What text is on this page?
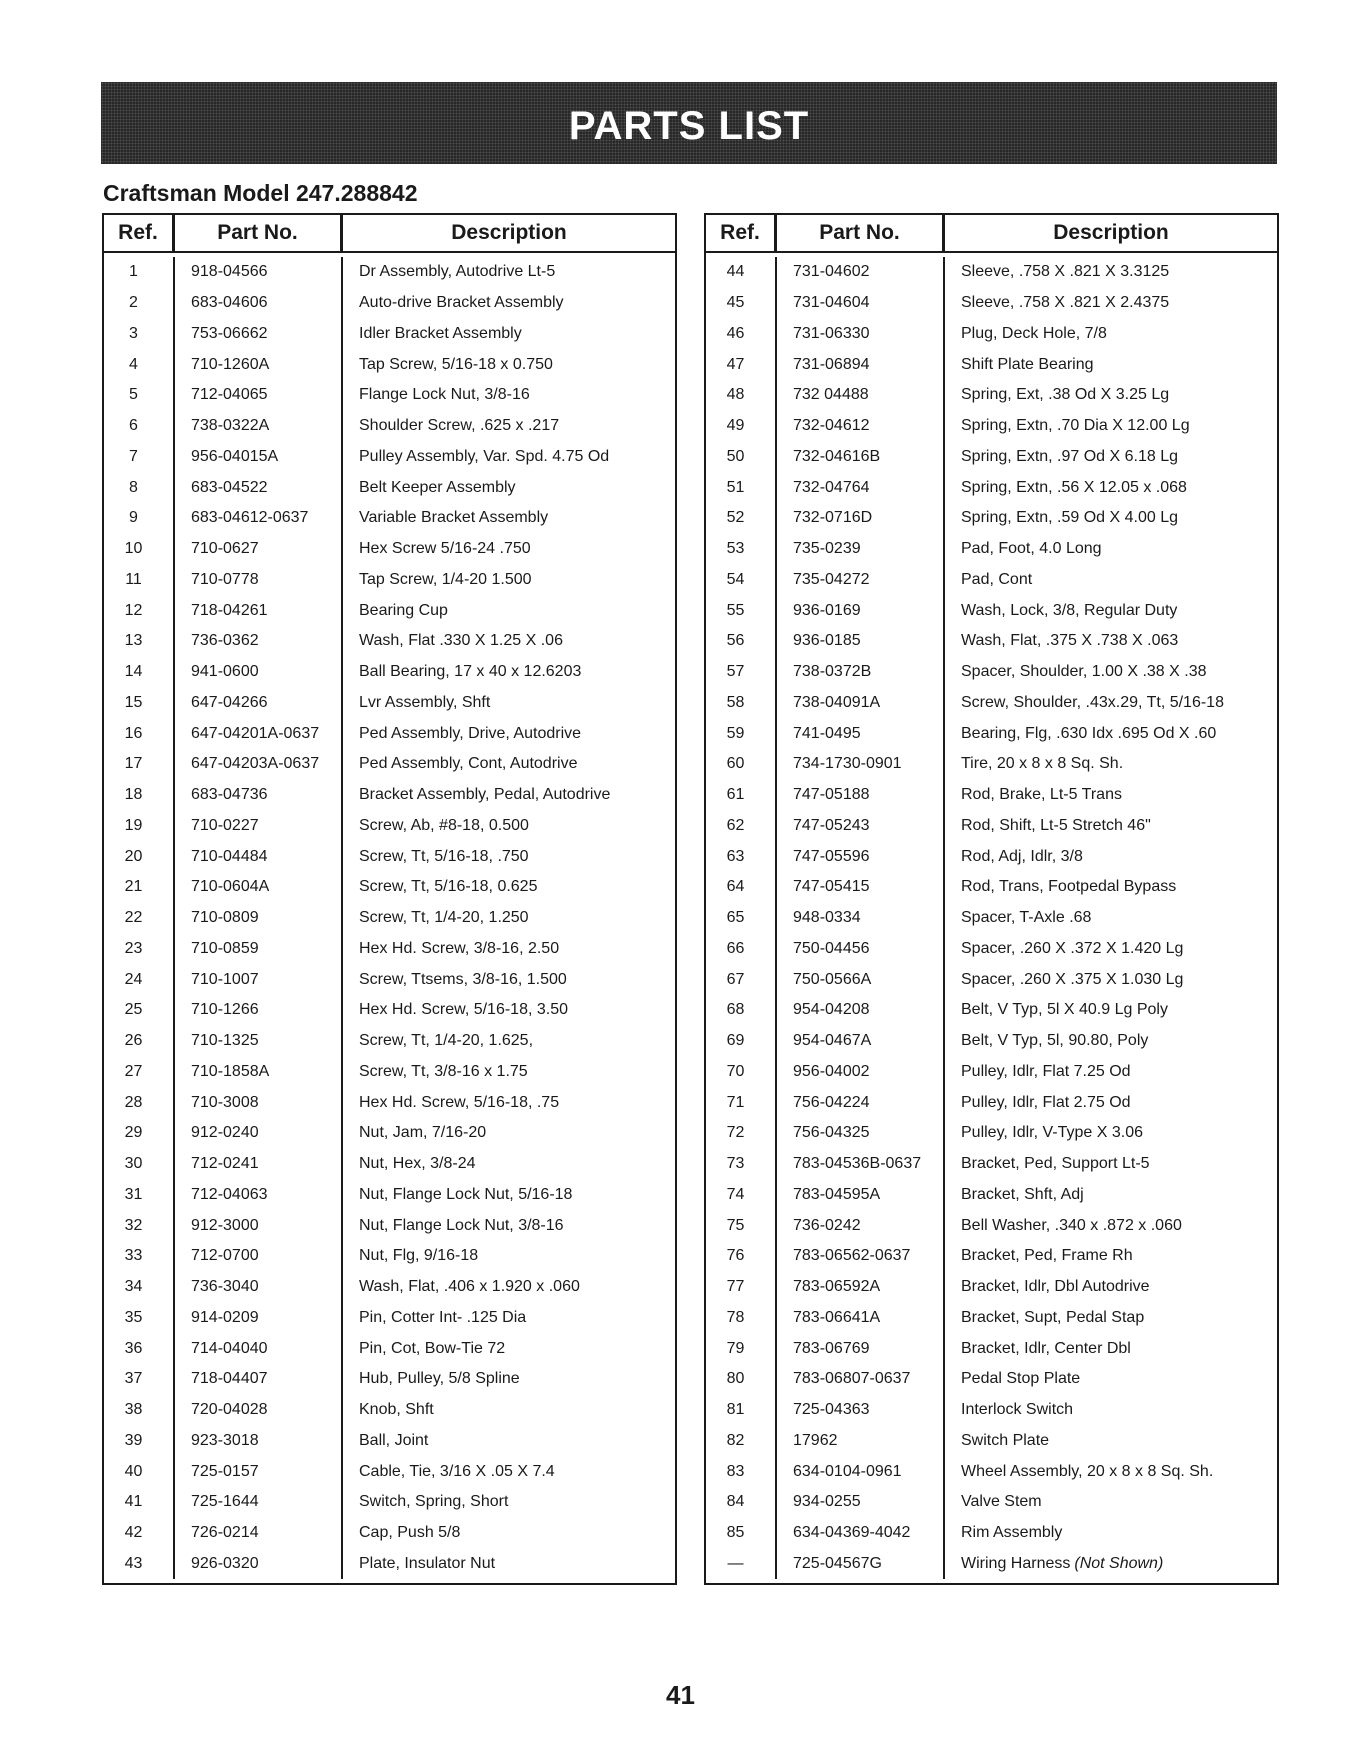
PARTS LIST
Craftsman Model 247.288842
Ref.	Part No.	Description
1	918-04566	Dr Assembly, Autodrive Lt-5
2	683-04606	Auto-drive Bracket Assembly
3	753-06662	Idler Bracket Assembly
4	710-1260A	Tap Screw, 5/16-18 x 0.750
5	712-04065	Flange Lock Nut, 3/8-16
6	738-0322A	Shoulder Screw, .625 x .217
7	956-04015A	Pulley Assembly, Var. Spd. 4.75 Od
8	683-04522	Belt Keeper Assembly
9	683-04612-0637	Variable Bracket Assembly
10	710-0627	Hex Screw 5/16-24 .750
11	710-0778	Tap Screw, 1/4-20 1.500
12	718-04261	Bearing Cup
13	736-0362	Wash, Flat .330 X 1.25 X .06
14	941-0600	Ball Bearing, 17 x 40 x 12.6203
15	647-04266	Lvr Assembly, Shft
16	647-04201A-0637	Ped Assembly, Drive, Autodrive
17	647-04203A-0637	Ped Assembly, Cont, Autodrive
18	683-04736	Bracket Assembly, Pedal, Autodrive
19	710-0227	Screw, Ab, #8-18, 0.500
20	710-04484	Screw, Tt, 5/16-18, .750
21	710-0604A	Screw, Tt, 5/16-18, 0.625
22	710-0809	Screw, Tt, 1/4-20, 1.250
23	710-0859	Hex Hd. Screw, 3/8-16, 2.50
24	710-1007	Screw, Ttsems, 3/8-16, 1.500
25	710-1266	Hex Hd. Screw, 5/16-18, 3.50
26	710-1325	Screw, Tt, 1/4-20, 1.625,
27	710-1858A	Screw, Tt, 3/8-16 x 1.75
28	710-3008	Hex Hd. Screw, 5/16-18, .75
29	912-0240	Nut, Jam, 7/16-20
30	712-0241	Nut, Hex, 3/8-24
31	712-04063	Nut, Flange Lock Nut, 5/16-18
32	912-3000	Nut, Flange Lock Nut, 3/8-16
33	712-0700	Nut, Flg, 9/16-18
34	736-3040	Wash, Flat, .406 x 1.920 x .060
35	914-0209	Pin, Cotter Int- .125 Dia
36	714-04040	Pin, Cot, Bow-Tie 72
37	718-04407	Hub, Pulley, 5/8 Spline
38	720-04028	Knob, Shft
39	923-3018	Ball, Joint
40	725-0157	Cable, Tie, 3/16 X .05 X 7.4
41	725-1644	Switch, Spring, Short
42	726-0214	Cap, Push 5/8
43	926-0320	Plate, Insulator Nut
Ref.	Part No.	Description
44	731-04602	Sleeve, .758 X .821 X 3.3125
45	731-04604	Sleeve, .758 X .821 X 2.4375
46	731-06330	Plug, Deck Hole, 7/8
47	731-06894	Shift Plate Bearing
48	732 04488	Spring, Ext, .38 Od X 3.25 Lg
49	732-04612	Spring, Extn, .70 Dia X 12.00 Lg
50	732-04616B	Spring, Extn, .97 Od X 6.18 Lg
51	732-04764	Spring, Extn, .56 X 12.05 x .068
52	732-0716D	Spring, Extn, .59 Od X 4.00 Lg
53	735-0239	Pad, Foot, 4.0 Long
54	735-04272	Pad, Cont
55	936-0169	Wash, Lock, 3/8, Regular Duty
56	936-0185	Wash, Flat, .375 X .738 X .063
57	738-0372B	Spacer, Shoulder, 1.00 X .38 X .38
58	738-04091A	Screw, Shoulder, .43x.29, Tt, 5/16-18
59	741-0495	Bearing, Flg, .630 Idx .695 Od X .60
60	734-1730-0901	Tire, 20 x 8 x 8 Sq. Sh.
61	747-05188	Rod, Brake, Lt-5 Trans
62	747-05243	Rod, Shift, Lt-5 Stretch 46"
63	747-05596	Rod, Adj, Idlr, 3/8
64	747-05415	Rod, Trans, Footpedal Bypass
65	948-0334	Spacer, T-Axle .68
66	750-04456	Spacer, .260 X .372 X 1.420 Lg
67	750-0566A	Spacer, .260 X .375 X 1.030 Lg
68	954-04208	Belt, V Typ, 5l X 40.9 Lg Poly
69	954-0467A	Belt, V Typ, 5l, 90.80, Poly
70	956-04002	Pulley, Idlr, Flat 7.25 Od
71	756-04224	Pulley, Idlr, Flat 2.75 Od
72	756-04325	Pulley, Idlr, V-Type X 3.06
73	783-04536B-0637	Bracket, Ped, Support Lt-5
74	783-04595A	Bracket, Shft, Adj
75	736-0242	Bell Washer, .340 x .872 x .060
76	783-06562-0637	Bracket, Ped, Frame Rh
77	783-06592A	Bracket, Idlr, Dbl Autodrive
78	783-06641A	Bracket, Supt, Pedal Stap
79	783-06769	Bracket, Idlr, Center Dbl
80	783-06807-0637	Pedal Stop Plate
81	725-04363	Interlock Switch
82	17962	Switch Plate
83	634-0104-0961	Wheel Assembly, 20 x 8 x 8 Sq. Sh.
84	934-0255	Valve Stem
85	634-04369-4042	Rim Assembly
—	725-04567G	Wiring Harness (Not Shown)
41
